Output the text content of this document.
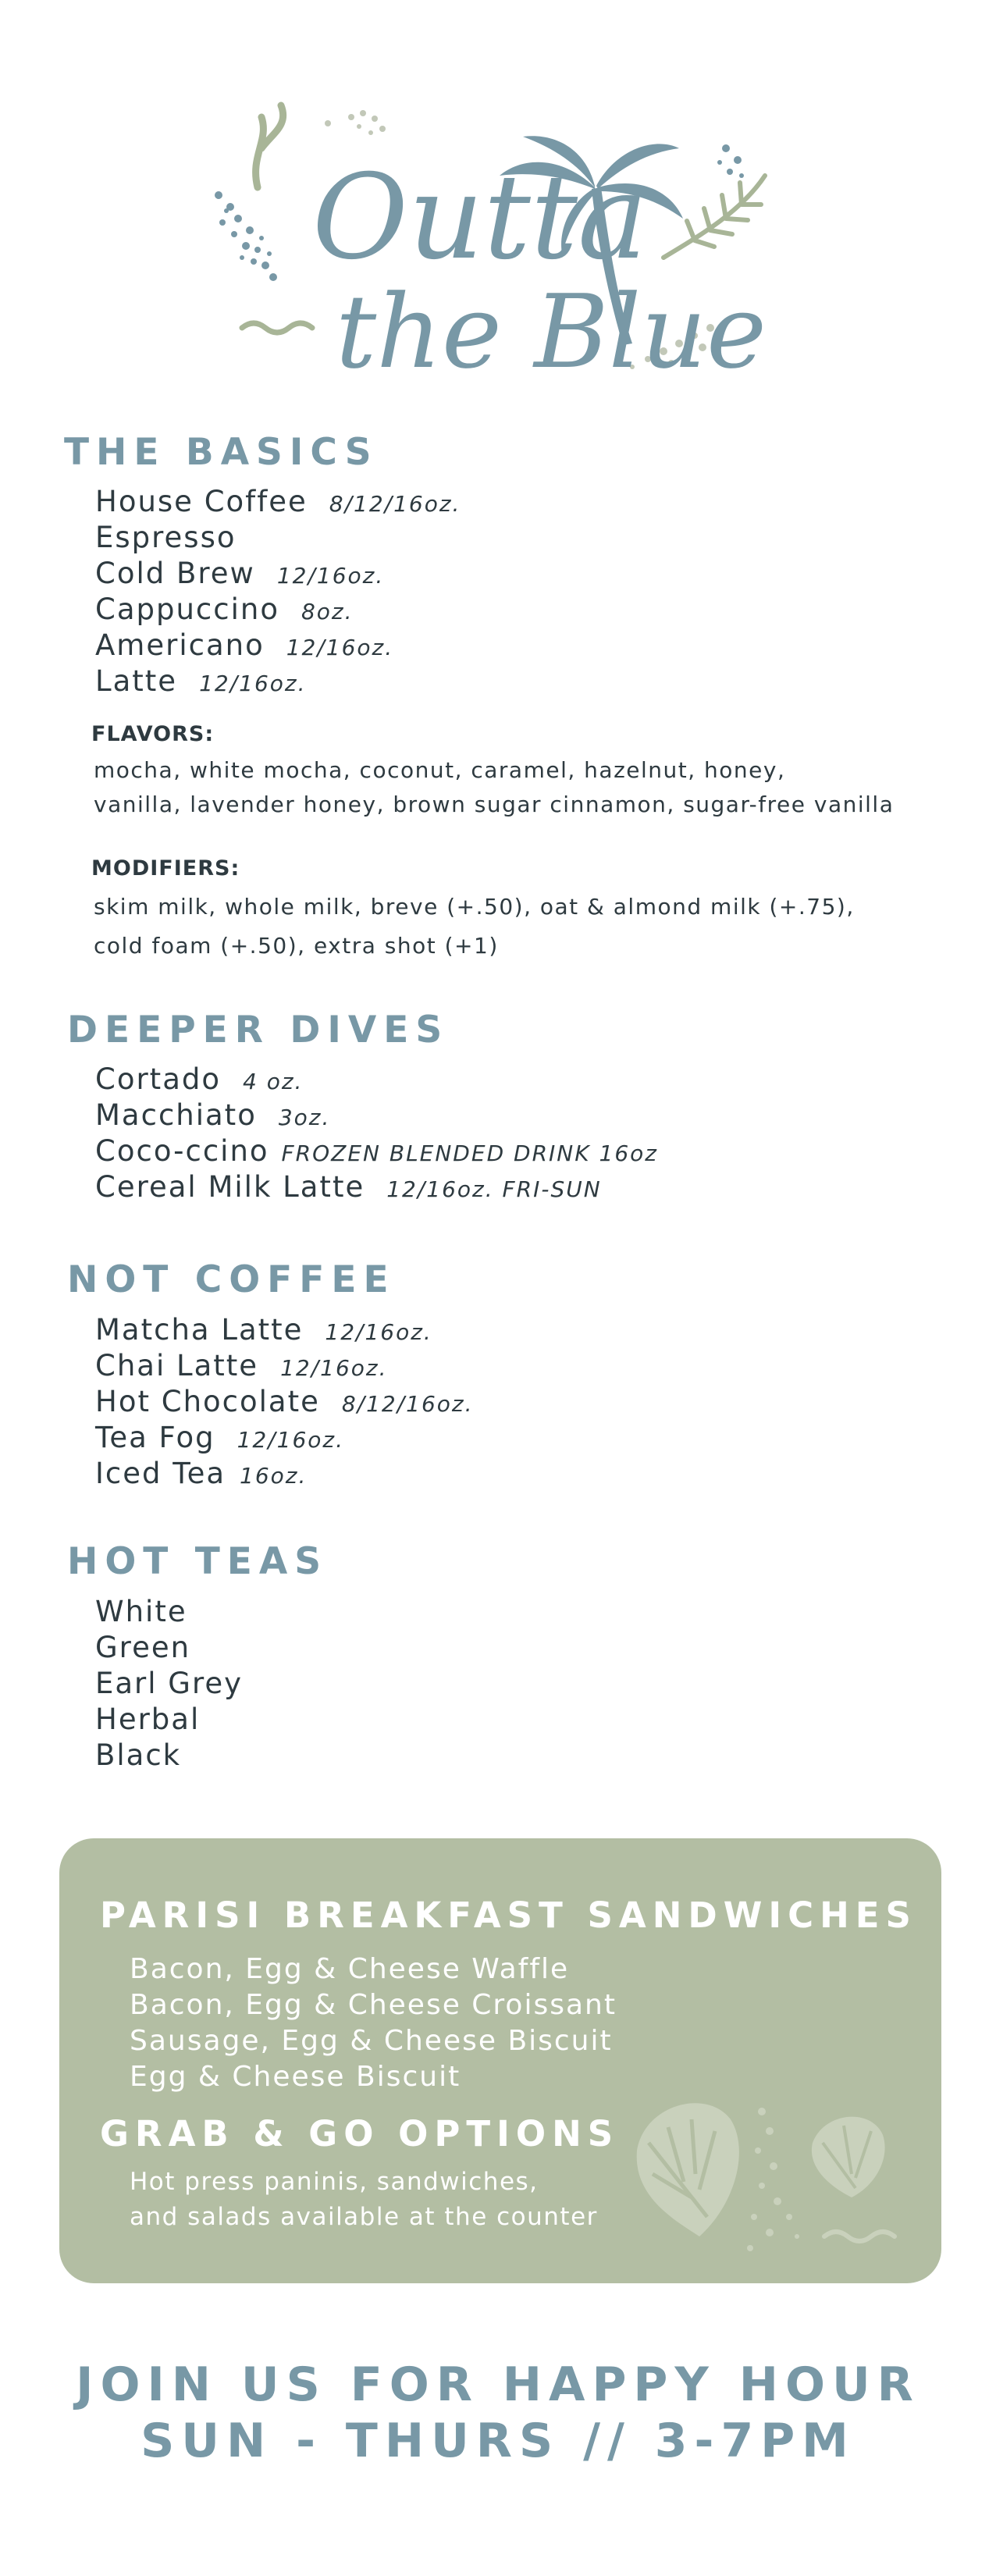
Outta
the Blue
THE BASICS
House Coffee 8/12/16oz.
Espresso
Cold Brew 12/16oz.
Cappuccino 8oz.
Americano 12/16oz.
Latte 12/16oz.

FLAVORS:

mocha, white mocha, coconut, caramel, hazelnut, honey,
vanilla, lavender honey, brown sugar cinnamon, sugar-free vanilla

MODIFIERS:

skim milk, whole milk, breve (+.50), oat & almond milk (+.75),
cold foam (+.50), extra shot (+1)

DEEPER DIVES
Cortado 4 oz.
Macchiato 3oz.
Coco-ccino FROZEN BLENDED DRINK 16oz
Cereal Milk Latte 12/16oz. FRI-SUN
NOT COFFEE
Matcha Latte 12/16oz.
Chai Latte 12/16oz.
Hot Chocolate 8/12/16oz.
Tea Fog 12/16oz.
Iced Tea 16oz.
HOT TEAS
White
Green
Earl Grey
Herbal
Black
PARISI BREAKFAST SANDWICHES
Bacon, Egg & Cheese Waffle
Bacon, Egg & Cheese Croissant
Sausage, Egg & Cheese Biscuit
Egg & Cheese Biscuit
GRAB & GO OPTIONS

Hot press paninis, sandwiches,
and salads available at the counter

JOIN US FOR HAPPY HOUR

SUN - THURS // 3-7PM
